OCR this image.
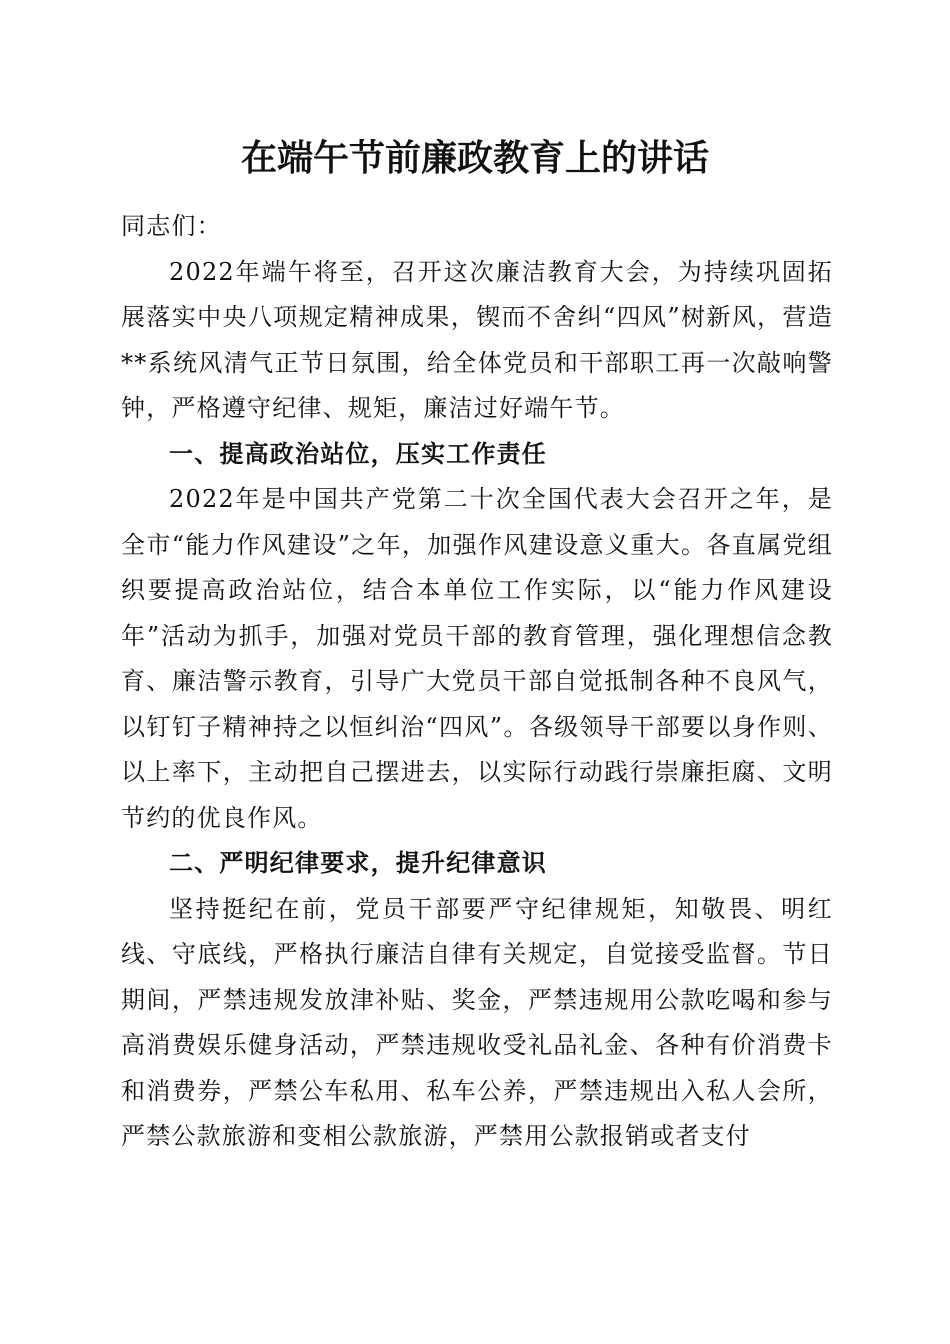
在端午节前廉政教育上的讲话

同志们：

2022年端午将至，召开这次廉洁教育大会，为持续巩固拓展落实中央八项规定精神成果，锲而不舍纠“四风”树新风，营造**系统风清气正节日氛围，给全体党员和干部职工再一次敲响警钟，严格遵守纪律、规矩，廉洁过好端午节。

一、提高政治站位，压实工作责任

2022年是中国共产党第二十次全国代表大会召开之年，是全市“能力作风建设”之年，加强作风建设意义重大。各直属党组织要提高政治站位，结合本单位工作实际，以“能力作风建设年”活动为抓手，加强对党员干部的教育管理，强化理想信念教育、廉洁警示教育，引导广大党员干部自觉抵制各种不良风气，以钉钉子精神持之以恒纠治“四风”。各级领导干部要以身作则、以上率下，主动把自己摆进去，以实际行动践行崇廉拒腐、文明节约的优良作风。

二、严明纪律要求，提升纪律意识

坚持挺纪在前，党员干部要严守纪律规矩，知敬畏、明红线、守底线，严格执行廉洁自律有关规定，自觉接受监督。节日期间，严禁违规发放津补贴、奖金，严禁违规用公款吃喝和参与高消费娱乐健身活动，严禁违规收受礼品礼金、各种有价消费卡和消费券，严禁公车私用、私车公养，严禁违规出入私人会所，严禁公款旅游和变相公款旅游，严禁用公款报销或者支付
